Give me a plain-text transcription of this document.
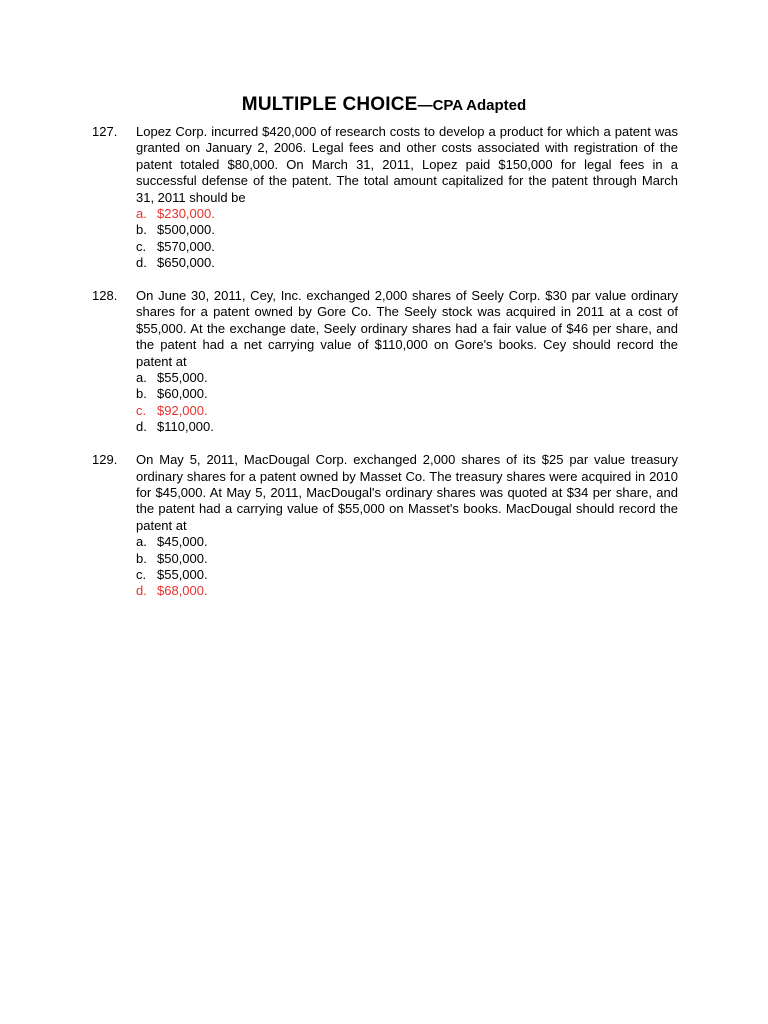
MULTIPLE CHOICE—CPA Adapted
127. Lopez Corp. incurred $420,000 of research costs to develop a product for which a patent was granted on January 2, 2006. Legal fees and other costs associated with registration of the patent totaled $80,000. On March 31, 2011, Lopez paid $150,000 for legal fees in a successful defense of the patent. The total amount capitalized for the patent through March 31, 2011 should be

a. $230,000.
b. $500,000.
c. $570,000.
d. $650,000.
128. On June 30, 2011, Cey, Inc. exchanged 2,000 shares of Seely Corp. $30 par value ordinary shares for a patent owned by Gore Co. The Seely stock was acquired in 2011 at a cost of $55,000. At the exchange date, Seely ordinary shares had a fair value of $46 per share, and the patent had a net carrying value of $110,000 on Gore's books. Cey should record the patent at

a. $55,000.
b. $60,000.
c. $92,000.
d. $110,000.
129. On May 5, 2011, MacDougal Corp. exchanged 2,000 shares of its $25 par value treasury ordinary shares for a patent owned by Masset Co. The treasury shares were acquired in 2010 for $45,000. At May 5, 2011, MacDougal's ordinary shares was quoted at $34 per share, and the patent had a carrying value of $55,000 on Masset's books. MacDougal should record the patent at

a. $45,000.
b. $50,000.
c. $55,000.
d. $68,000.
